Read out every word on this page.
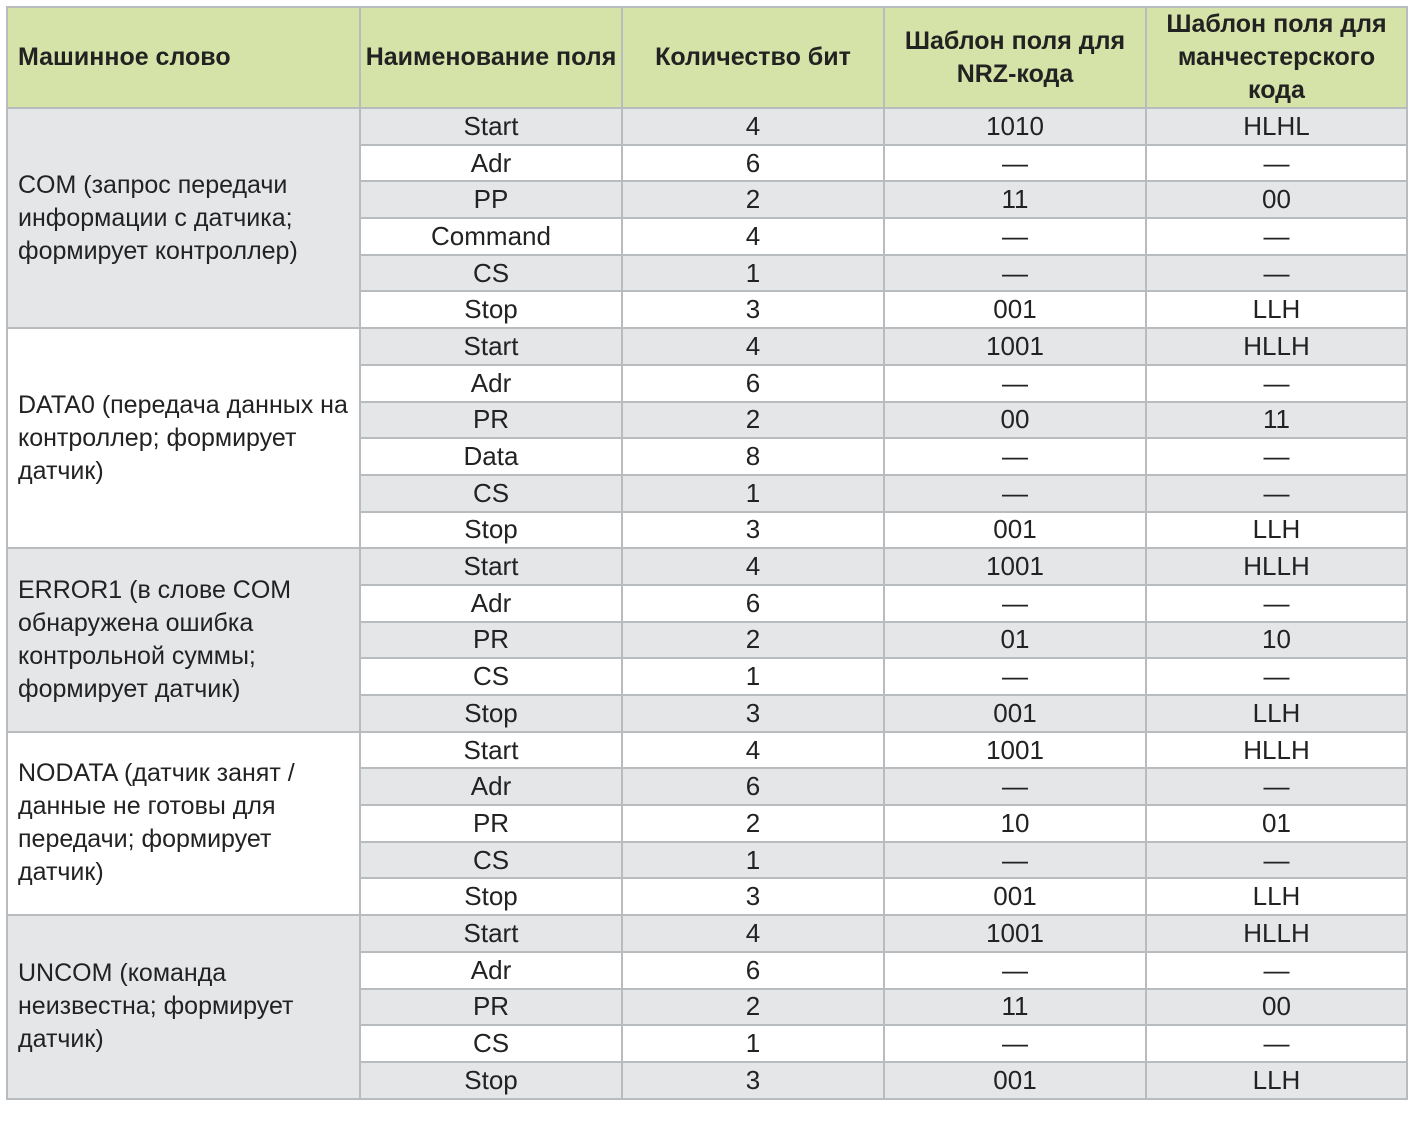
Машинное слово	Наименование поля	Количество бит	Шаблон поля для NRZ-кода	Шаблон поля для манчестерского кода
COM (запрос передачи информации с датчика; формирует контроллер)	Start	4	1010	HLHL
	Adr	6	—	—
	PP	2	11	00
	Command	4	—	—
	CS	1	—	—
	Stop	3	001	LLH
DATA0 (передача данных на контроллер; формирует датчик)	Start	4	1001	HLLH
	Adr	6	—	—
	PR	2	00	11
	Data	8	—	—
	CS	1	—	—
	Stop	3	001	LLH
ERROR1 (в слове COM обнаружена ошибка контрольной суммы; формирует датчик)	Start	4	1001	HLLH
	Adr	6	—	—
	PR	2	01	10
	CS	1	—	—
	Stop	3	001	LLH
NODATA (датчик занят / данные не готовы для передачи; формирует датчик)	Start	4	1001	HLLH
	Adr	6	—	—
	PR	2	10	01
	CS	1	—	—
	Stop	3	001	LLH
UNCOM (команда неизвестна; формирует датчик)	Start	4	1001	HLLH
	Adr	6	—	—
	PR	2	11	00
	CS	1	—	—
	Stop	3	001	LLH
